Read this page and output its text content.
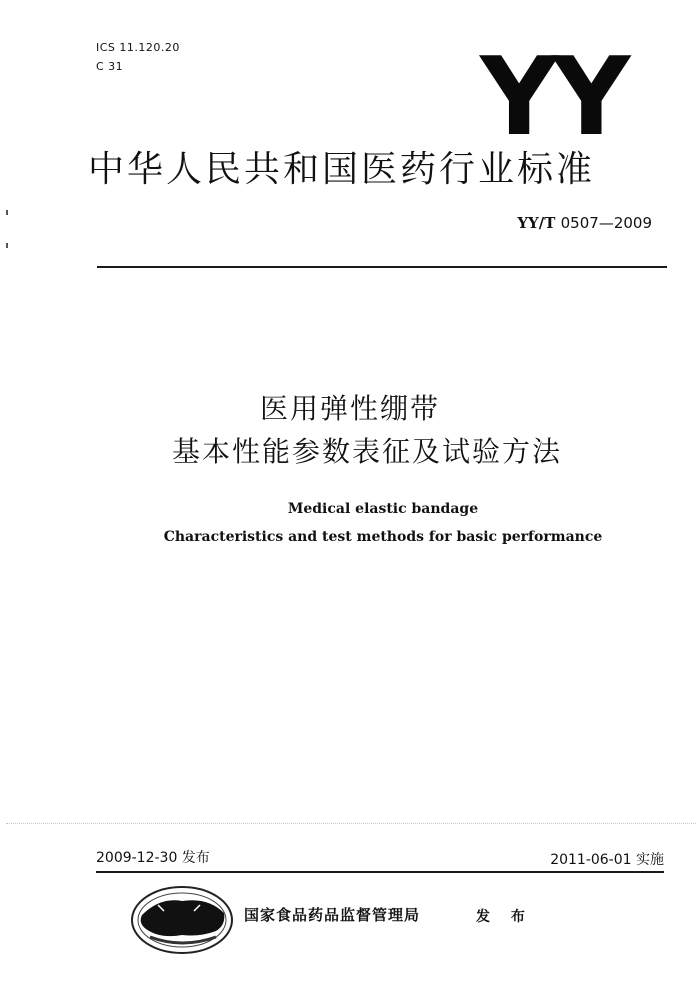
ICS 11.120.20
C 31	YY
中华人民共和国医药行业标准
YY/T 0507—2009
医用弹性绷带
基本性能参数表征及试验方法
Medical elastic bandage
Characteristics and test methods for basic performance
2009-12-30 发布	2011-06-01 实施
国家食品药品监督管理局	发 布
